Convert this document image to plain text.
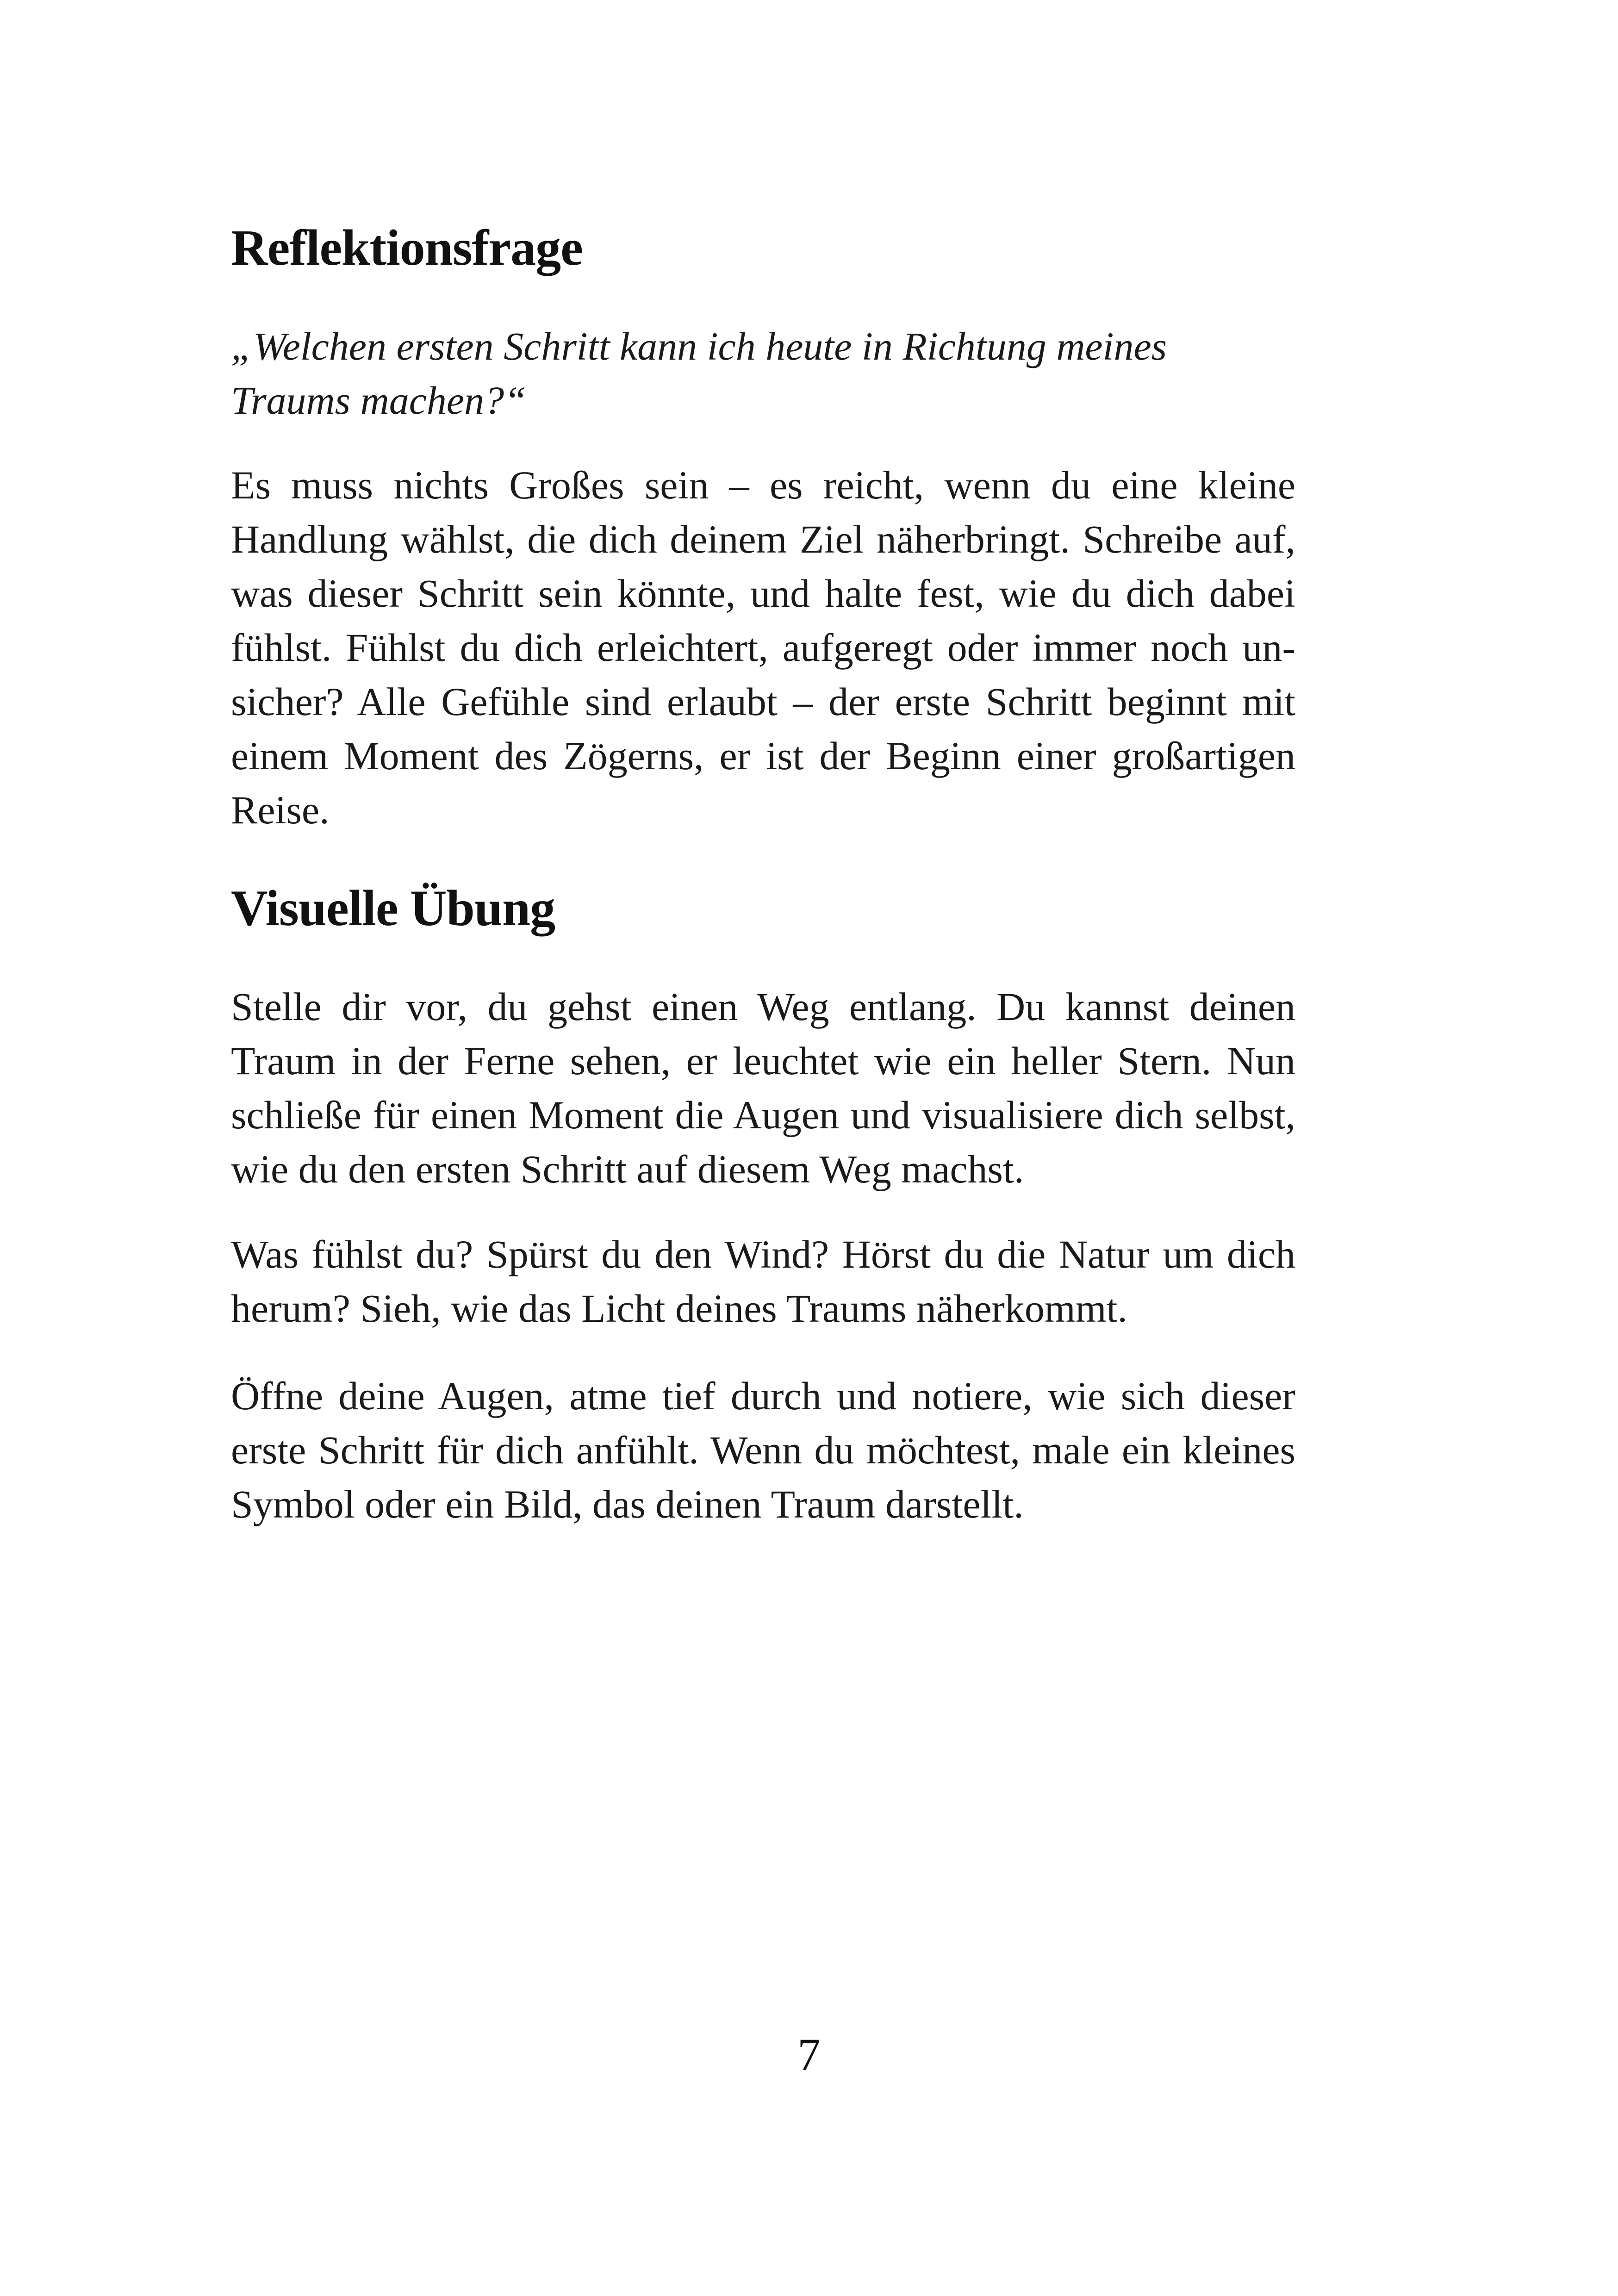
Reflektionsfrage

„Welchen ersten Schritt kann ich heute in Richtung meines Traums machen?“

Es muss nichts Großes sein – es reicht, wenn du eine kleine Handlung wählst, die dich deinem Ziel näherbringt. Schreibe auf, was dieser Schritt sein könnte, und halte fest, wie du dich dabei fühlst. Fühlst du dich erleichtert, aufgeregt oder immer noch unsicher? Alle Gefühle sind erlaubt – der erste Schritt beginnt mit einem Moment des Zögerns, er ist der Beginn einer großartigen Reise.

Visuelle Übung

Stelle dir vor, du gehst einen Weg entlang. Du kannst deinen Traum in der Ferne sehen, er leuchtet wie ein heller Stern. Nun schließe für einen Moment die Augen und visualisiere dich selbst, wie du den ersten Schritt auf diesem Weg machst.

Was fühlst du? Spürst du den Wind? Hörst du die Natur um dich herum? Sieh, wie das Licht deines Traums näherkommt.

Öffne deine Augen, atme tief durch und notiere, wie sich dieser erste Schritt für dich anfühlt. Wenn du möchtest, male ein kleines Symbol oder ein Bild, das deinen Traum darstellt.

7
